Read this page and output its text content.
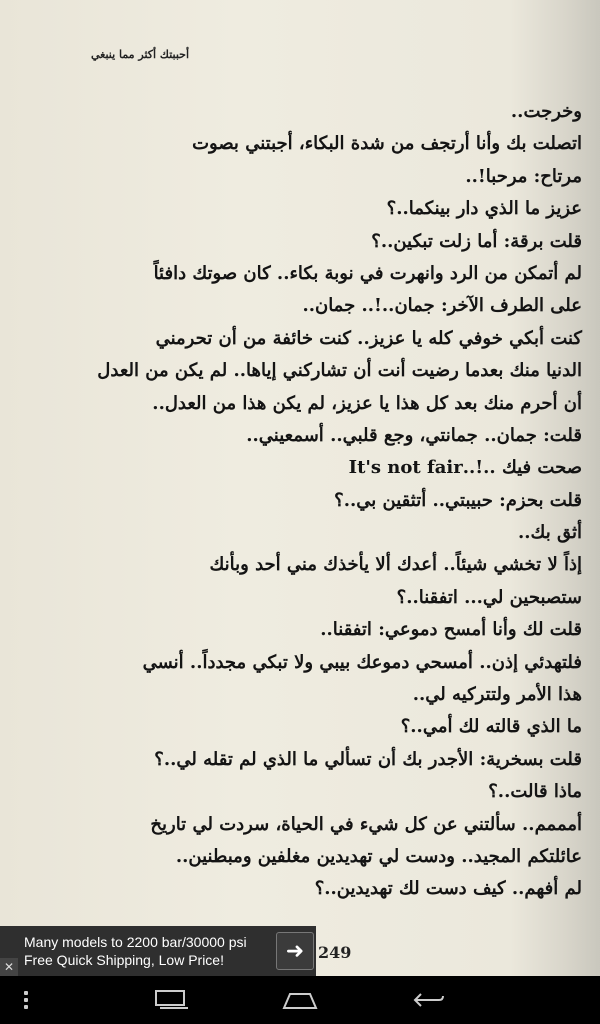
أحببتك أكثر مما ينبغي
وخرجت..
اتصلت بك وأنا أرتجف من شدة البكاء، أجبتني بصوت
مرتاح: مرحبا!..
عزيز ما الذي دار بينكما..؟
قلت برقة: أما زلت تبكين..؟
لم أتمكن من الرد وانهرت في نوبة بكاء.. كان صوتك دافئاً
على الطرف الآخر: جمان..!.. جمان..
كنت أبكي خوفي كله يا عزيز.. كنت خائفة من أن تحرمني
الدنيا منك بعدما رضيت أنت أن تشاركني إياها.. لم يكن من العدل
أن أحرم منك بعد كل هذا يا عزيز، لم يكن هذا من العدل..
قلت: جمان.. جمانتي، وجع قلبي.. أسمعيني..
صحت فيك ..!..It's not fair
قلت بحزم: حبيبتي.. أتثقين بي..؟
أثق بك..
إذاً لا تخشي شيئاً.. أعدك ألا يأخذك مني أحد وبأنك
ستصبحين لي... اتفقنا..؟
قلت لك وأنا أمسح دموعي: اتفقنا..
فلتهدئي إذن.. أمسحي دموعك بيبي ولا تبكي مجدداً.. أنسي
هذا الأمر ولتتركيه لي..
ما الذي قالته لك أمي..؟
قلت بسخرية: الأجدر بك أن تسألي ما الذي لم تقله لي..؟
ماذا قالت..؟
أمممم.. سألتني عن كل شيء في الحياة، سردت لي تاريخ
عائلتكم المجيد.. ودست لي تهديدين مغلفين ومبطنين..
لم أفهم.. كيف دست لك تهديدين..؟
249
Many models to 2200 bar/30000 psi
Free Quick Shipping, Low Price!	➜
✕
